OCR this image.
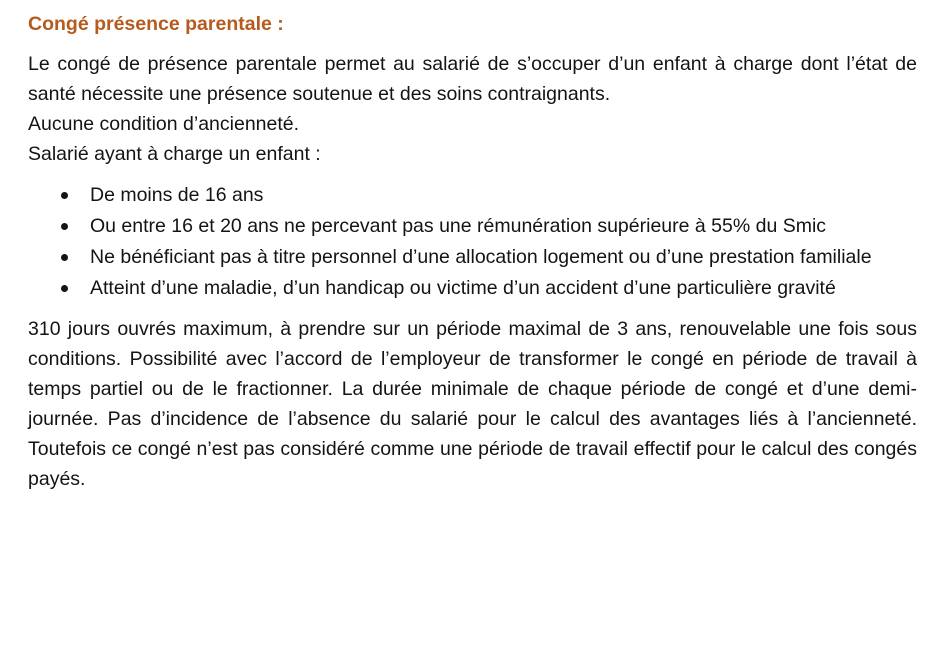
Congé présence parentale :

Le congé de présence parentale permet au salarié de s’occuper d’un enfant à charge dont l’état de santé nécessite une présence soutenue et des soins contraignants.

Aucune condition d’ancienneté.

Salarié ayant à charge un enfant :

De moins de 16 ans
Ou entre 16 et 20 ans ne percevant pas une rémunération supérieure à 55% du Smic
Ne bénéficiant pas à titre personnel d’une allocation logement ou d’une prestation familiale
Atteint d’une maladie, d’un handicap ou victime d’un accident d’une particulière gravité

310 jours ouvrés maximum, à prendre sur un période maximal de 3 ans, renouvelable une fois sous conditions. Possibilité avec l’accord de l’employeur de transformer le congé en période de travail à temps partiel ou de le fractionner. La durée minimale de chaque période de congé et d’une demi-journée. Pas d’incidence de l’absence du salarié pour le calcul des avantages liés à l’ancienneté. Toutefois ce congé n’est pas considéré comme une période de travail effectif pour le calcul des congés payés.
